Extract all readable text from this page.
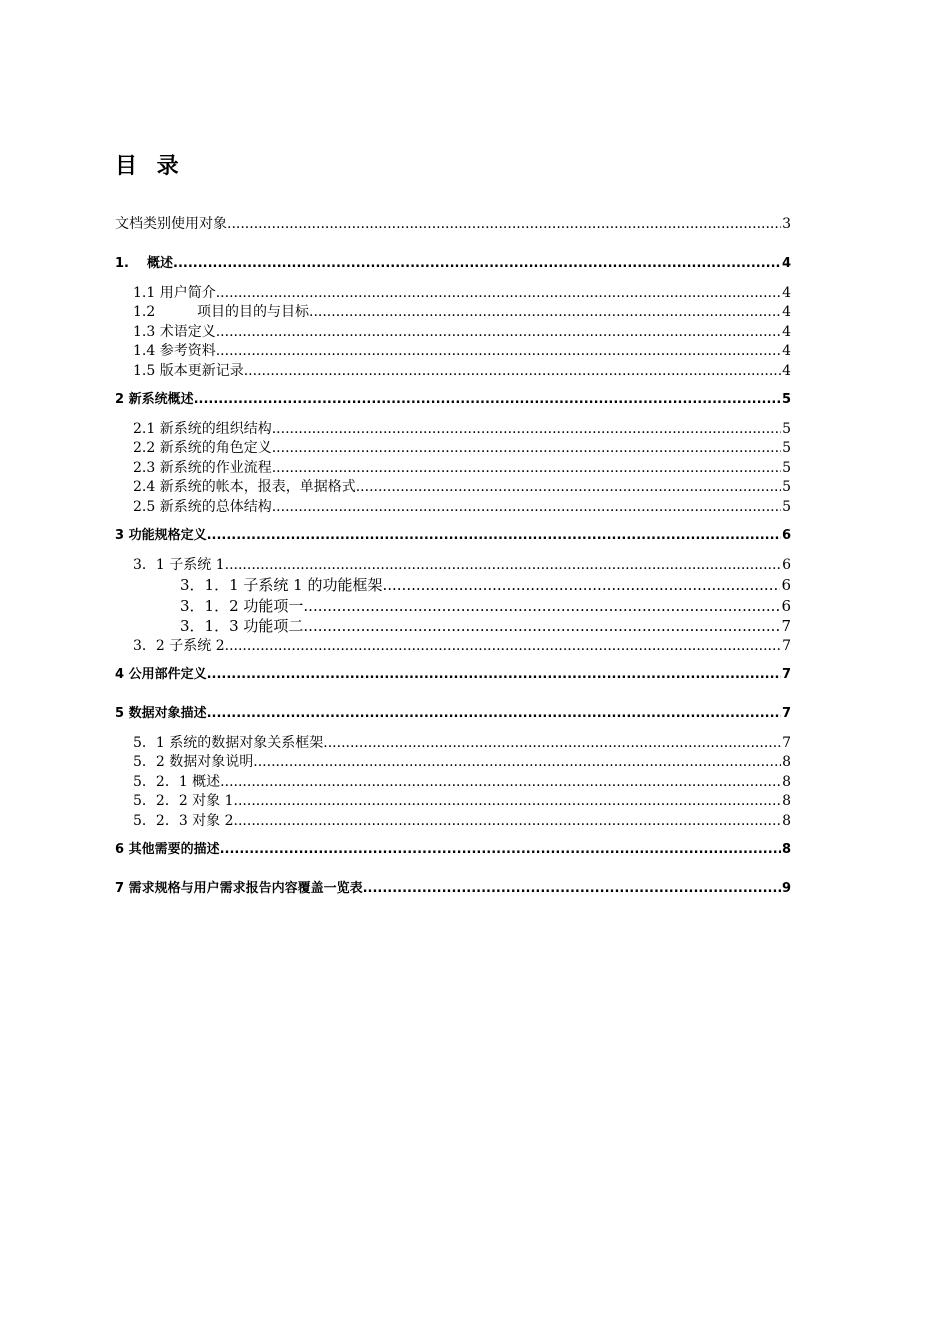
目 录
文档类别使用对象 .....	3
1. 概述 .....	4
1.1 用户简介 .....	4
1.2	项目的目的与目标 .....	4
1.3 术语定义 .....	4
1.4 参考资料 .....	4
1.5 版本更新记录 .....	4
2 新系统概述 .....	5
2.1 新系统的组织结构 .....	5
2.2 新系统的角色定义 .....	5
2.3 新系统的作业流程 .....	5
2.4 新系统的帐本，报表，单据格式 .....	5
2.5 新系统的总体结构 .....	5
3 功能规格定义 .....	6
3．1 子系统 1 .....	6
3．1．1 子系统 1 的功能框架 .....	6
3．1．2 功能项一 .....	6
3．1．3 功能项二 .....	7
3．2 子系统 2 .....	7
4 公用部件定义 .....	7
5 数据对象描述 .....	7
5．1 系统的数据对象关系框架 .....	7
5．2 数据对象说明 .....	8
5．2．1 概述 .....	8
5．2．2 对象 1 .....	8
5．2．3 对象 2 .....	8
6 其他需要的描述 .....	8
7 需求规格与用户需求报告内容覆盖一览表 .....	9
